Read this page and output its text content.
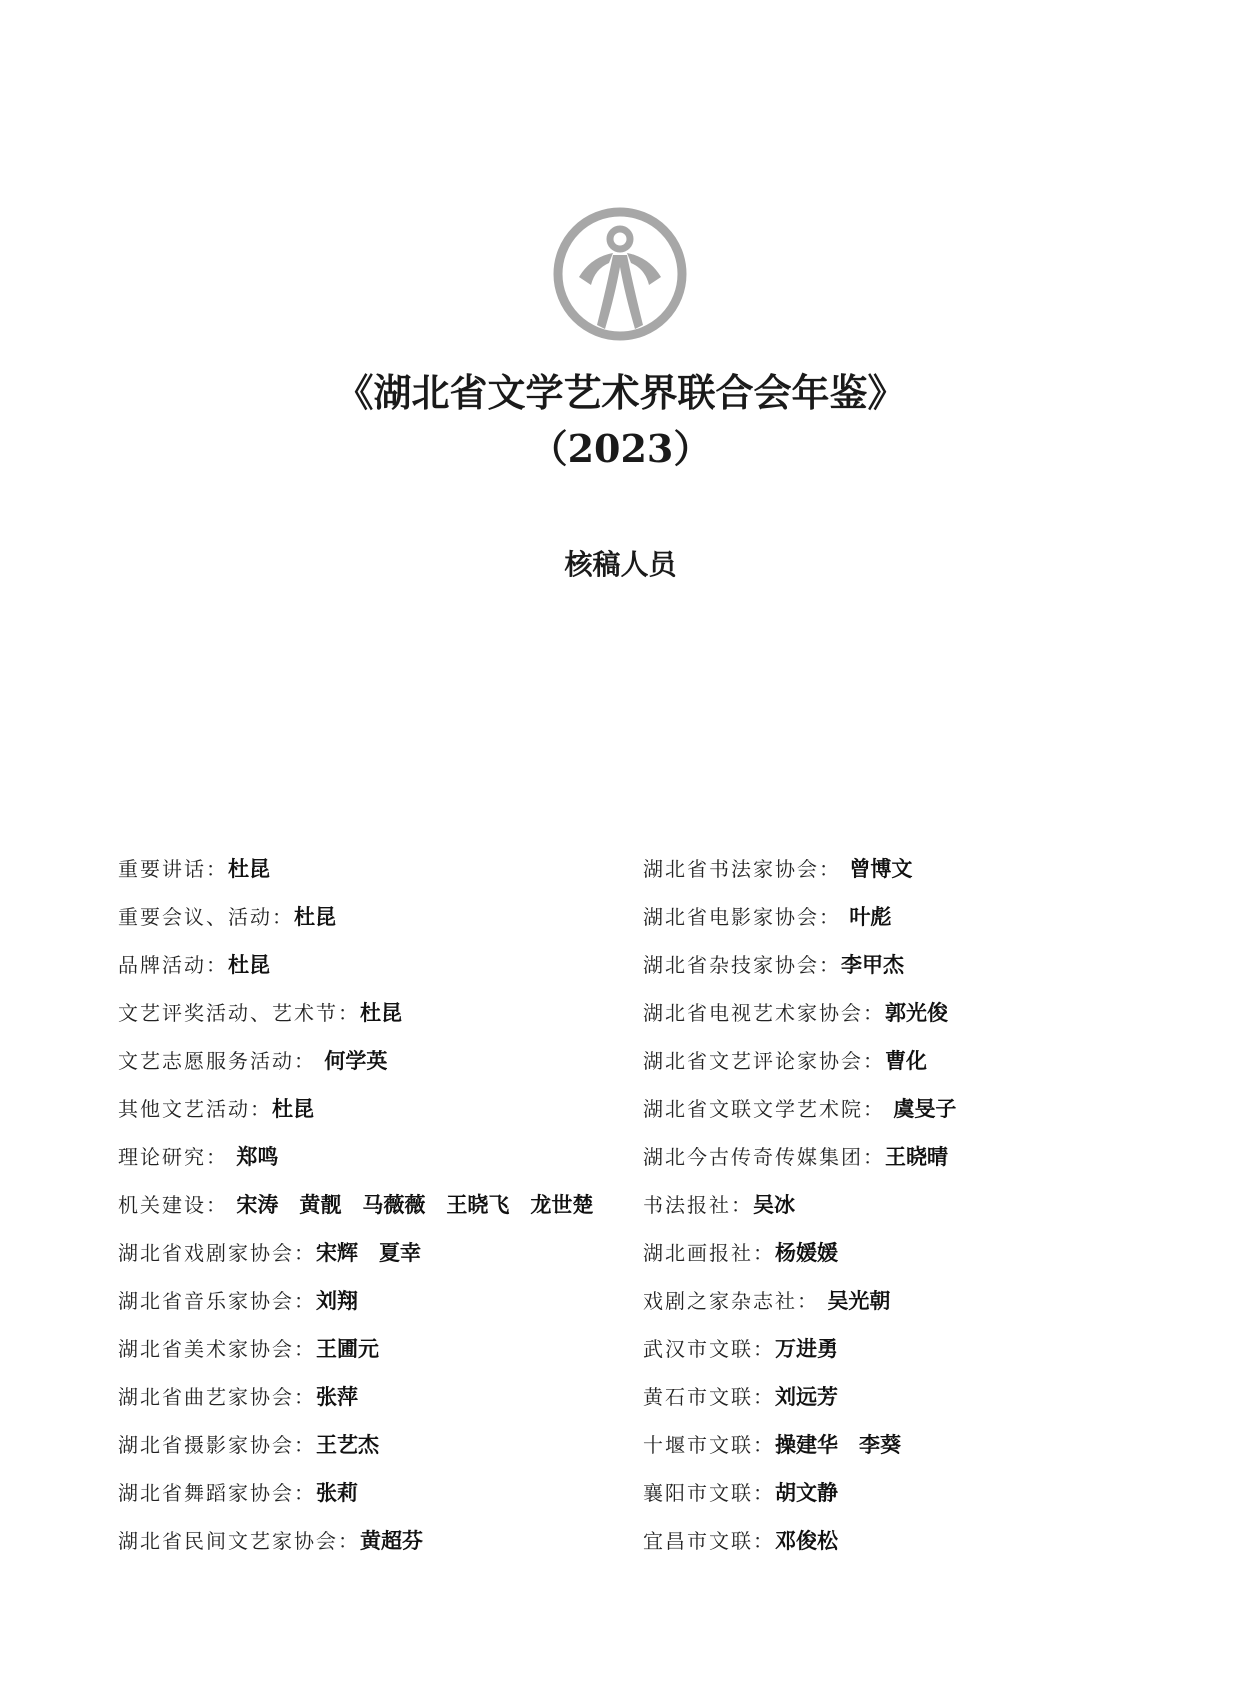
《湖北省文学艺术界联合会年鉴》
（2023）
核稿人员
重要讲话：杜昆
重要会议、活动：杜昆
品牌活动：杜昆
文艺评奖活动、艺术节：杜昆
文艺志愿服务活动： 何学英
其他文艺活动：杜昆
理论研究： 郑鸣
机关建设： 宋涛　黄靓　马薇薇　王晓飞　龙世楚
湖北省戏剧家协会：宋辉　夏幸
湖北省音乐家协会：刘翔
湖北省美术家协会：王圃元
湖北省曲艺家协会：张萍
湖北省摄影家协会：王艺杰
湖北省舞蹈家协会：张莉
湖北省民间文艺家协会：黄超芬
湖北省书法家协会： 曾博文
湖北省电影家协会： 叶彪
湖北省杂技家协会：李甲杰
湖北省电视艺术家协会：郭光俊
湖北省文艺评论家协会：曹化
湖北省文联文学艺术院： 虞旻子
湖北今古传奇传媒集团：王晓晴
书法报社：吴冰
湖北画报社：杨媛媛
戏剧之家杂志社： 吴光朝
武汉市文联：万进勇
黄石市文联：刘远芳
十堰市文联：操建华　李葵
襄阳市文联：胡文静
宜昌市文联：邓俊松
